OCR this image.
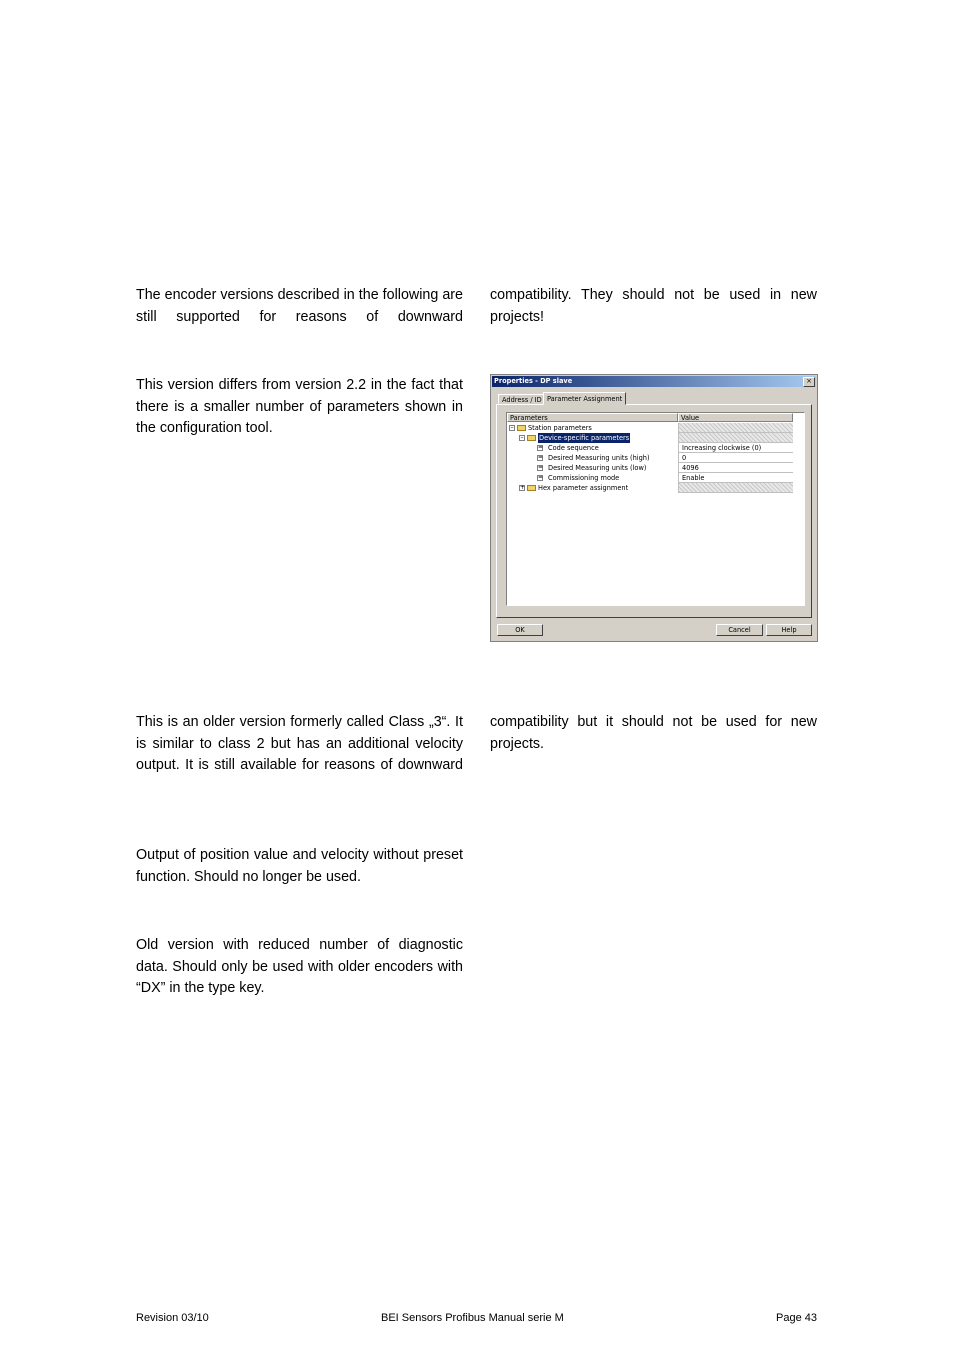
The encoder versions described in the following are still supported for reasons of downward

compatibility. They should not be used in new projects!

This version differs from version 2.2 in the fact that there is a smaller number of parameters shown in the configuration tool.

Properties - DP slave	×
Address / ID Parameter Assignment
Parameters	Value
– Station parameters
– Device-specific parameters
= Code sequence	Increasing clockwise (0)
= Desired Measuring units (high)	0
= Desired Measuring units (low)	4096
= Commissioning mode	Enable
+ Hex parameter assignment
OK	Cancel	Help

This is an older version formerly called Class „3“. It is similar to class 2 but has an additional velocity output. It is still available for reasons of downward

compatibility but it should not be used for new projects.

Output of position value and velocity without preset function. Should no longer be used.

Old version with reduced number of diagnostic data. Should only be used with older encoders with “DX” in the type key.

Revision 03/10	BEI Sensors Profibus Manual serie M	Page 43
